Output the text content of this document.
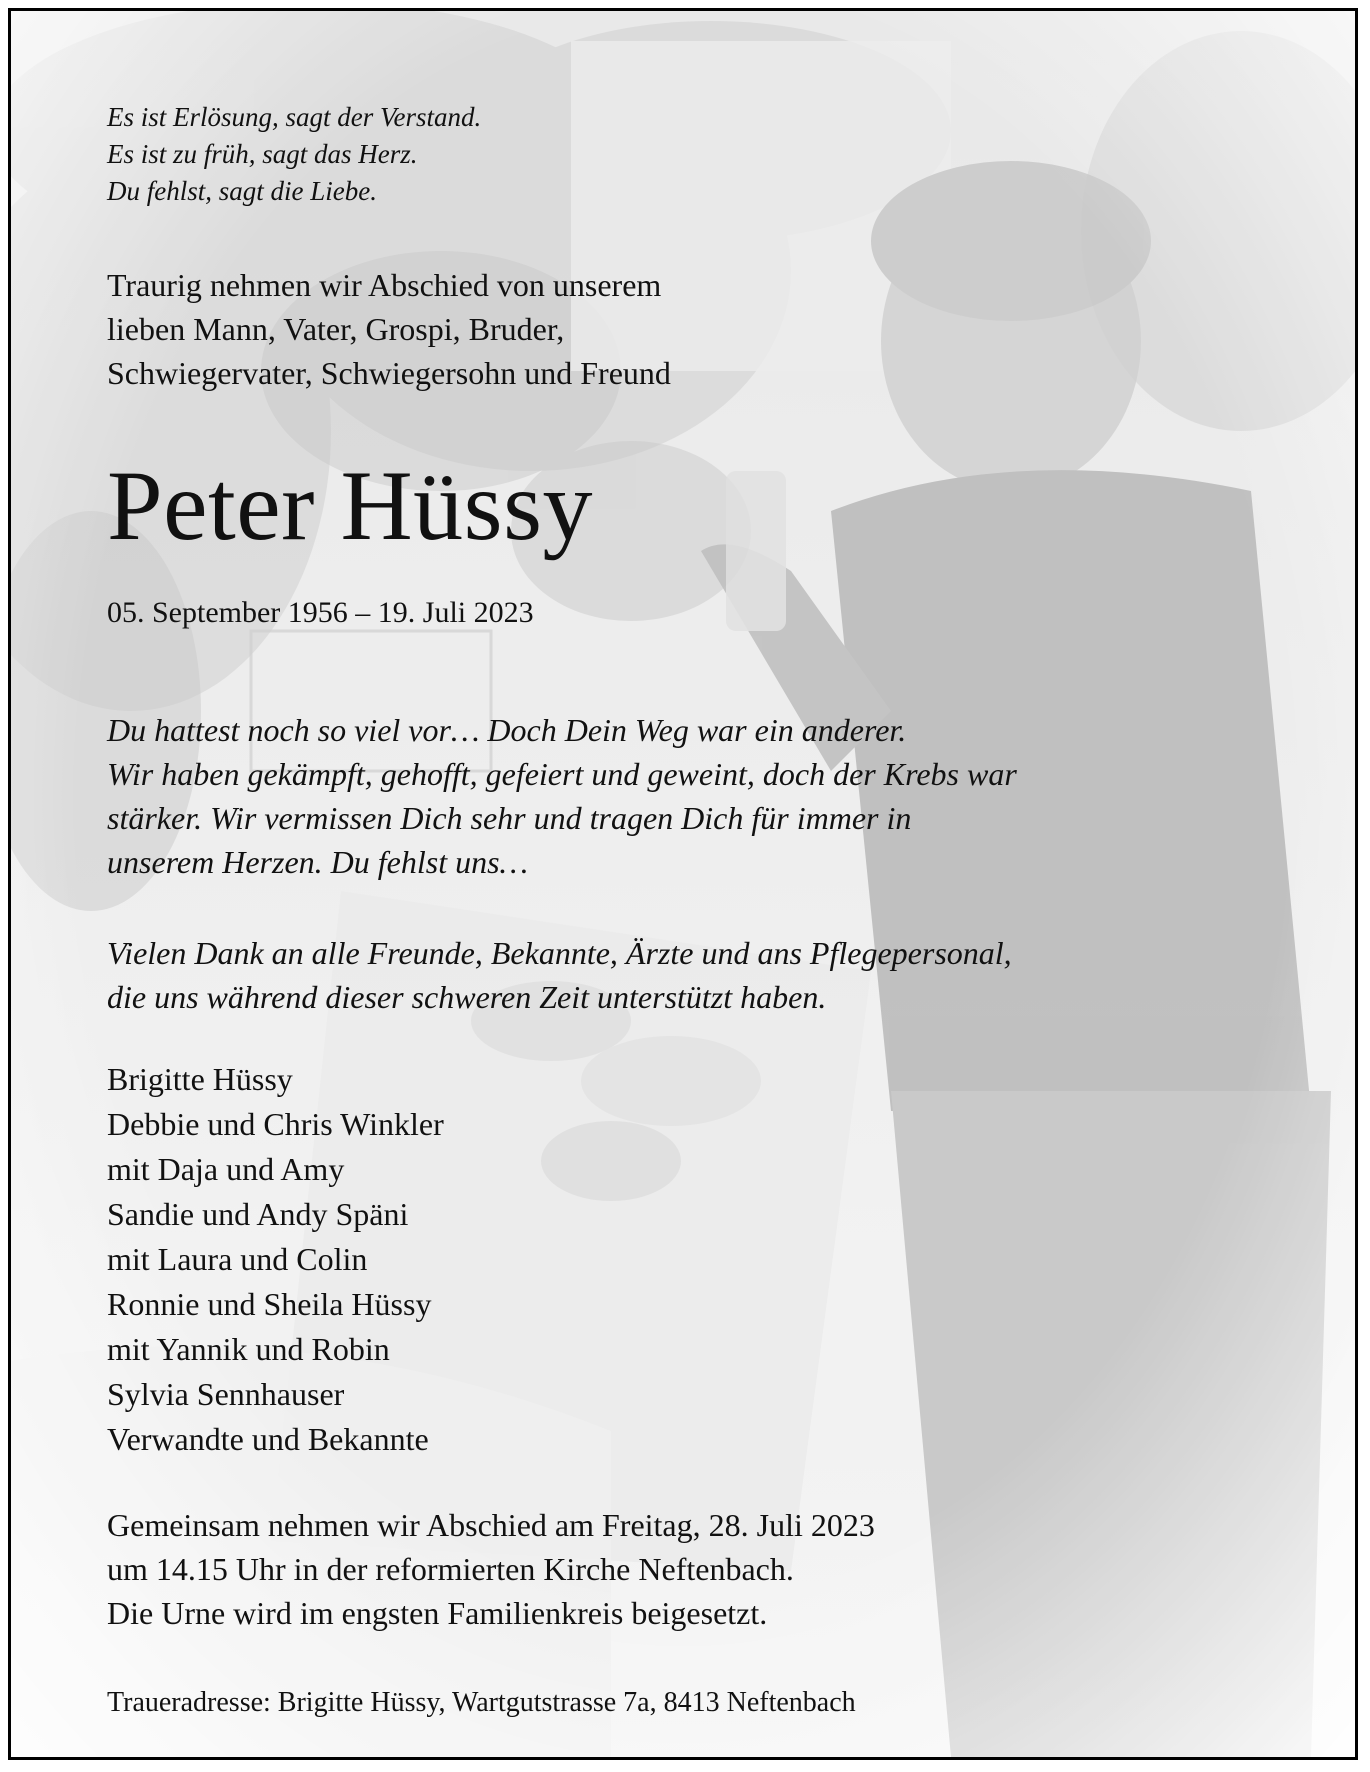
Es ist Erlösung, sagt der Verstand.
Es ist zu früh, sagt das Herz.
Du fehlst, sagt die Liebe.

Traurig nehmen wir Abschied von unserem
lieben Mann, Vater, Grospi, Bruder,
Schwiegervater, Schwiegersohn und Freund

Peter Hüssy

05. September 1956 – 19. Juli 2023

Du hattest noch so viel vor… Doch Dein Weg war ein anderer.
Wir haben gekämpft, gehofft, gefeiert und geweint, doch der Krebs war
stärker. Wir vermissen Dich sehr und tragen Dich für immer in
unserem Herzen. Du fehlst uns…

Vielen Dank an alle Freunde, Bekannte, Ärzte und ans Pflegepersonal,
die uns während dieser schweren Zeit unterstützt haben.

Brigitte Hüssy
Debbie und Chris Winkler
mit Daja und Amy
Sandie und Andy Späni
mit Laura und Colin
Ronnie und Sheila Hüssy
mit Yannik und Robin
Sylvia Sennhauser
Verwandte und Bekannte

Gemeinsam nehmen wir Abschied am Freitag, 28. Juli 2023
um 14.15 Uhr in der reformierten Kirche Neftenbach.
Die Urne wird im engsten Familienkreis beigesetzt.

Traueradresse: Brigitte Hüssy, Wartgutstrasse 7a, 8413 Neftenbach
